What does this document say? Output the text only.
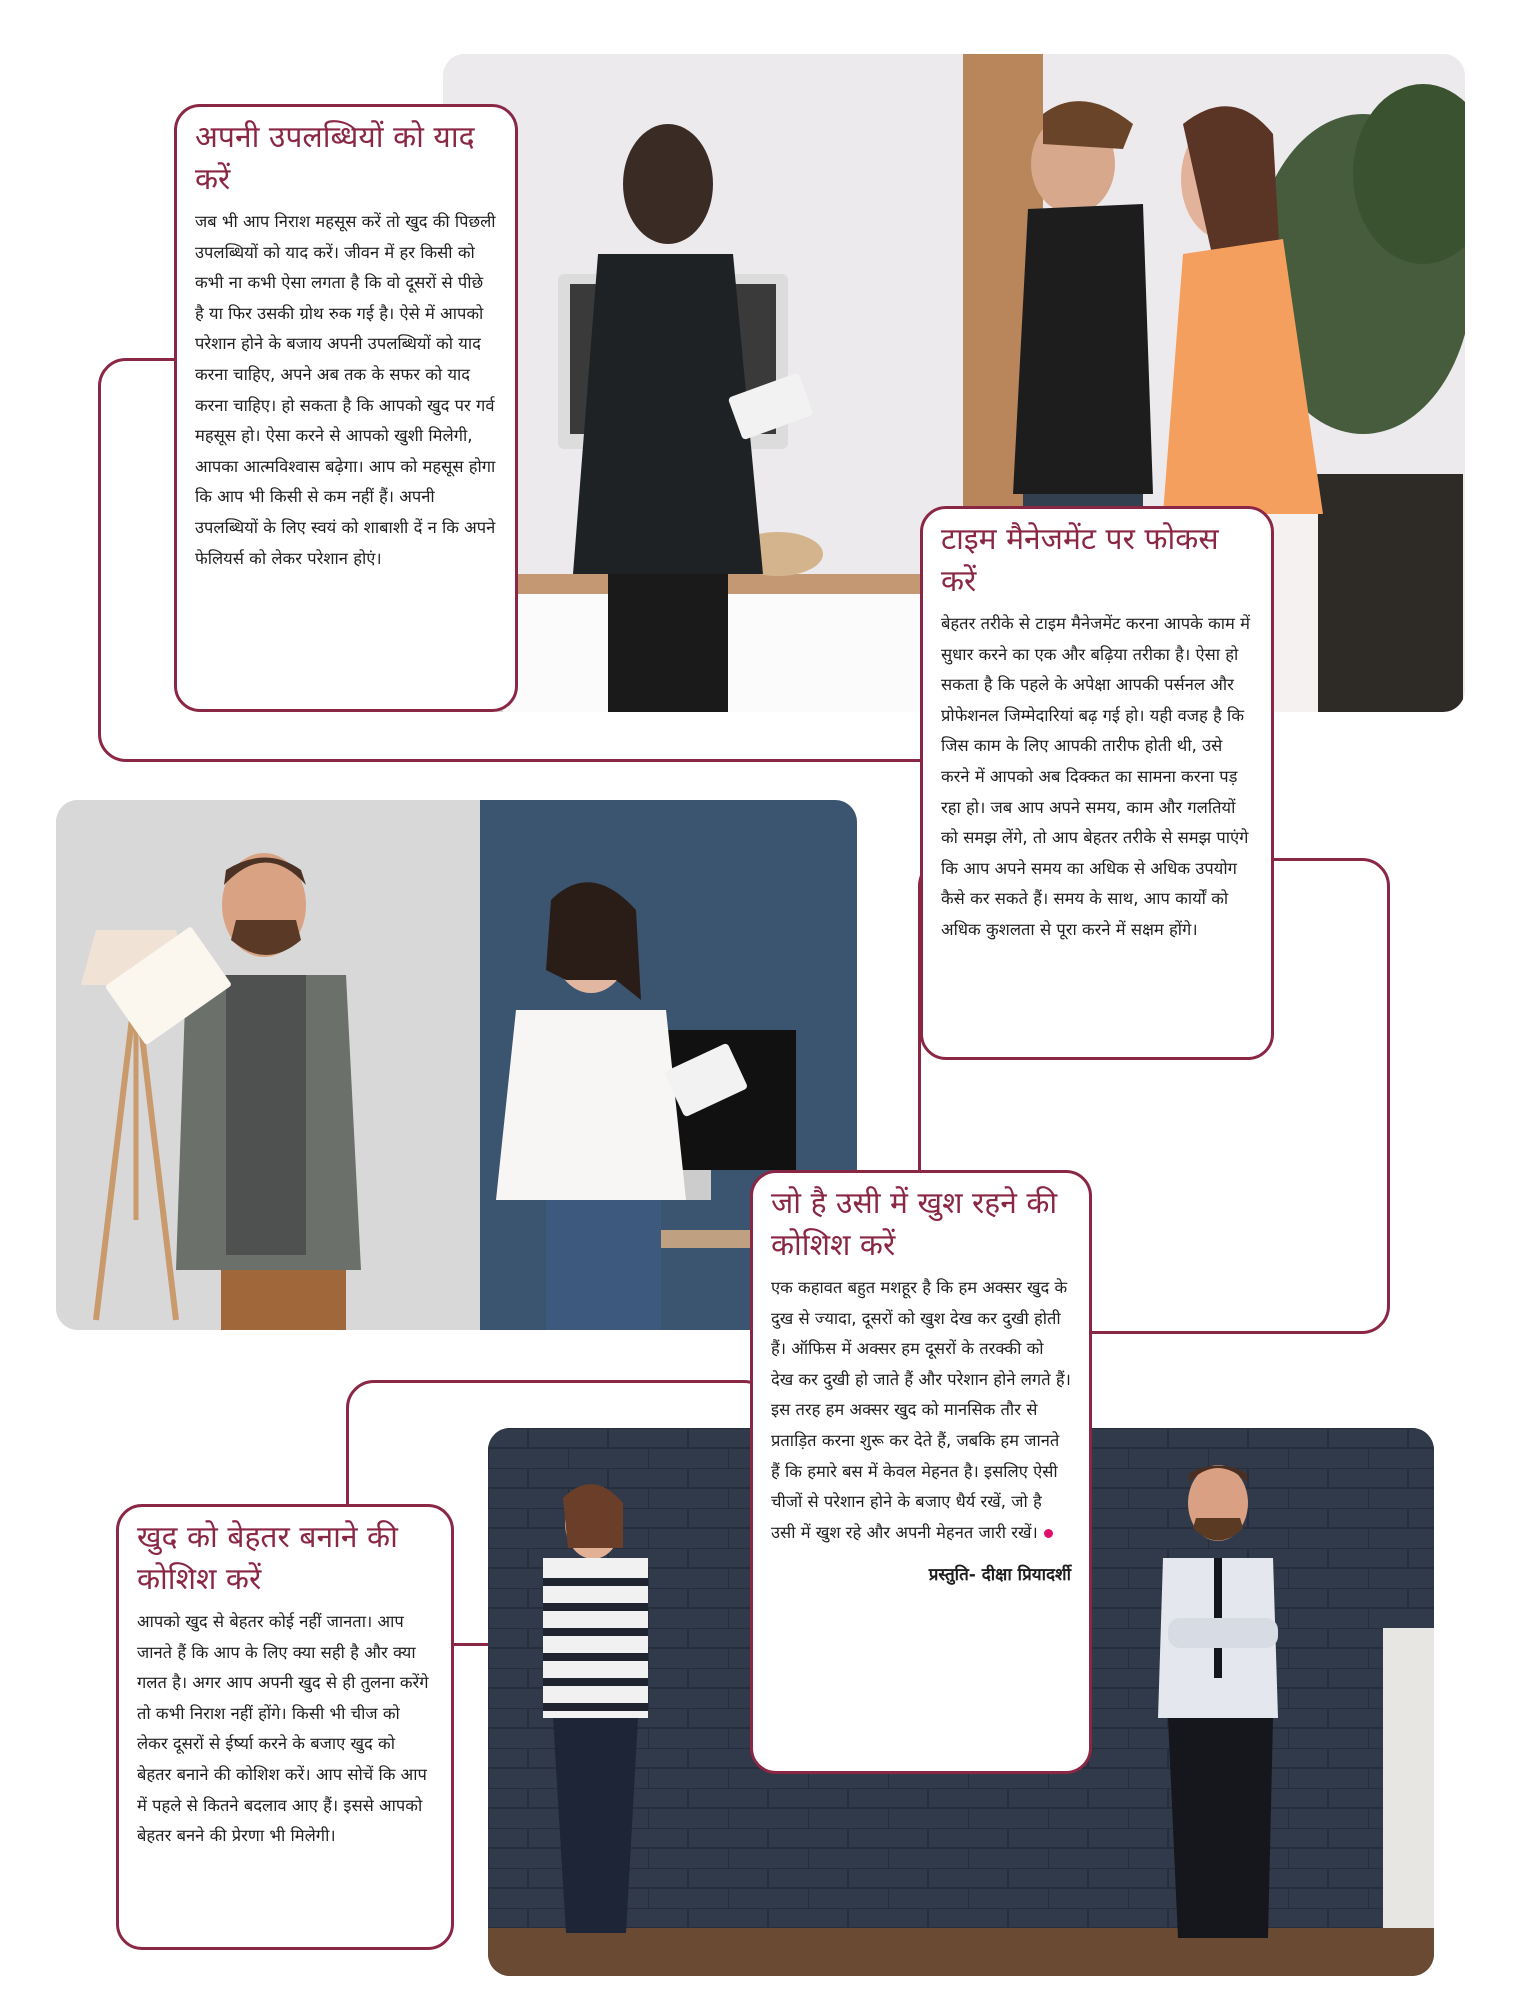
अपनी उपलब्धियों को याद करें

जब भी आप निराश महसूस करें तो खुद की पिछली उपलब्धियों को याद करें। जीवन में हर किसी को कभी ना कभी ऐसा लगता है कि वो दूसरों से पीछे है या फिर उसकी ग्रोथ रुक गई है। ऐसे में आपको परेशान होने के बजाय अपनी उपलब्धियों को याद करना चाहिए, अपने अब तक के सफर को याद करना चाहिए। हो सकता है कि आपको खुद पर गर्व महसूस हो। ऐसा करने से आपको खुशी मिलेगी, आपका आत्मविश्वास बढ़ेगा। आप को महसूस होगा कि आप भी किसी से कम नहीं हैं। अपनी उपलब्धियों के लिए स्वयं को शाबाशी दें न कि अपने फेलियर्स को लेकर परेशान होएं।

टाइम मैनेजमेंट पर फोकस करें

बेहतर तरीके से टाइम मैनेजमेंट करना आपके काम में सुधार करने का एक और बढ़िया तरीका है। ऐसा हो सकता है कि पहले के अपेक्षा आपकी पर्सनल और प्रोफेशनल जिम्मेदारियां बढ़ गई हो। यही वजह है कि जिस काम के लिए आपकी तारीफ होती थी, उसे करने में आपको अब दिक्कत का सामना करना पड़ रहा हो। जब आप अपने समय, काम और गलतियों को समझ लेंगे, तो आप बेहतर तरीके से समझ पाएंगे कि आप अपने समय का अधिक से अधिक उपयोग कैसे कर सकते हैं। समय के साथ, आप कार्यों को अधिक कुशलता से पूरा करने में सक्षम होंगे।

जो है उसी में खुश रहने की कोशिश करें

एक कहावत बहुत मशहूर है कि हम अक्सर खुद के दुख से ज्यादा, दूसरों को खुश देख कर दुखी होती हैं। ऑफिस में अक्सर हम दूसरों के तरक्की को देख कर दुखी हो जाते हैं और परेशान होने लगते हैं। इस तरह हम अक्सर खुद को मानसिक तौर से प्रताड़ित करना शुरू कर देते हैं, जबकि हम जानते हैं कि हमारे बस में केवल मेहनत है। इसलिए ऐसी चीजों से परेशान होने के बजाए धैर्य रखें, जो है उसी में खुश रहे और अपनी मेहनत जारी रखें।

प्रस्तुति- दीक्षा प्रियादर्शी
खुद को बेहतर बनाने की कोशिश करें

आपको खुद से बेहतर कोई नहीं जानता। आप जानते हैं कि आप के लिए क्या सही है और क्या गलत है। अगर आप अपनी खुद से ही तुलना करेंगे तो कभी निराश नहीं होंगे। किसी भी चीज को लेकर दूसरों से ईर्ष्या करने के बजाए खुद को बेहतर बनाने की कोशिश करें। आप सोचें कि आप में पहले से कितने बदलाव आए हैं। इससे आपको बेहतर बनने की प्रेरणा भी मिलेगी।
